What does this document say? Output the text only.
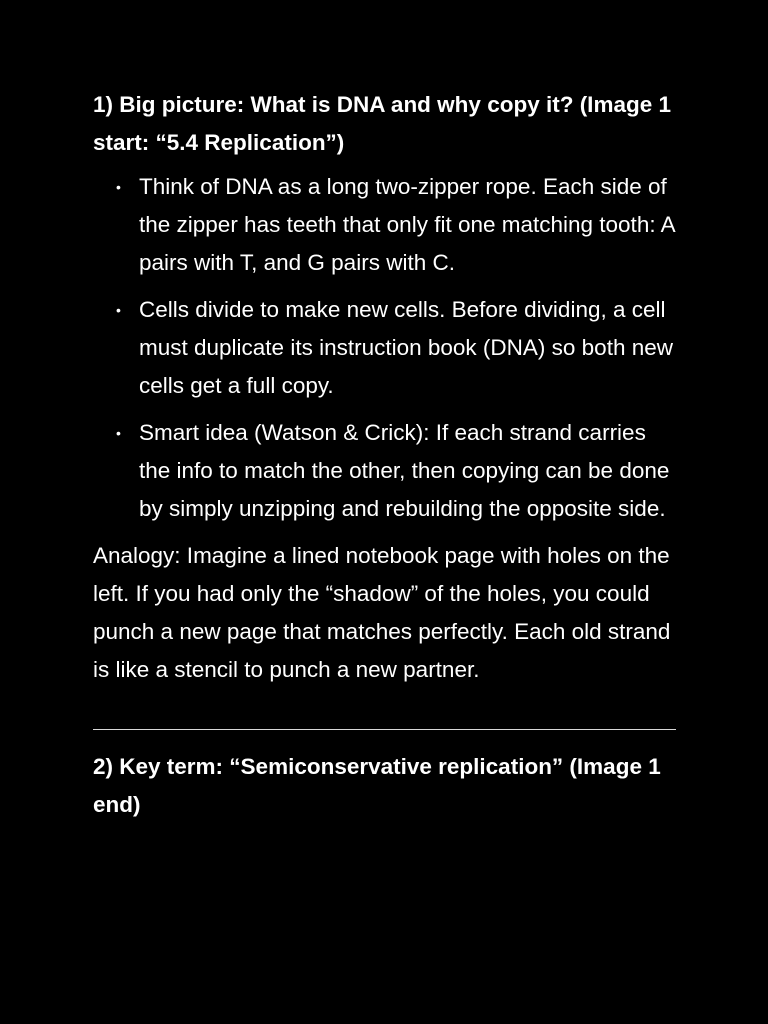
1) Big picture: What is DNA and why copy it? (Image 1 start: “5.4 Replication”)
• Think of DNA as a long two-zipper rope. Each side of the zipper has teeth that only fit one matching tooth: A pairs with T, and G pairs with C.
• Cells divide to make new cells. Before dividing, a cell must duplicate its instruction book (DNA) so both new cells get a full copy.
• Smart idea (Watson & Crick): If each strand carries the info to match the other, then copying can be done by simply unzipping and rebuilding the opposite side.

Analogy: Imagine a lined notebook page with holes on the left. If you had only the “shadow” of the holes, you could punch a new page that matches perfectly. Each old strand is like a stencil to punch a new partner.

2) Key term: “Semiconservative replication” (Image 1 end)
